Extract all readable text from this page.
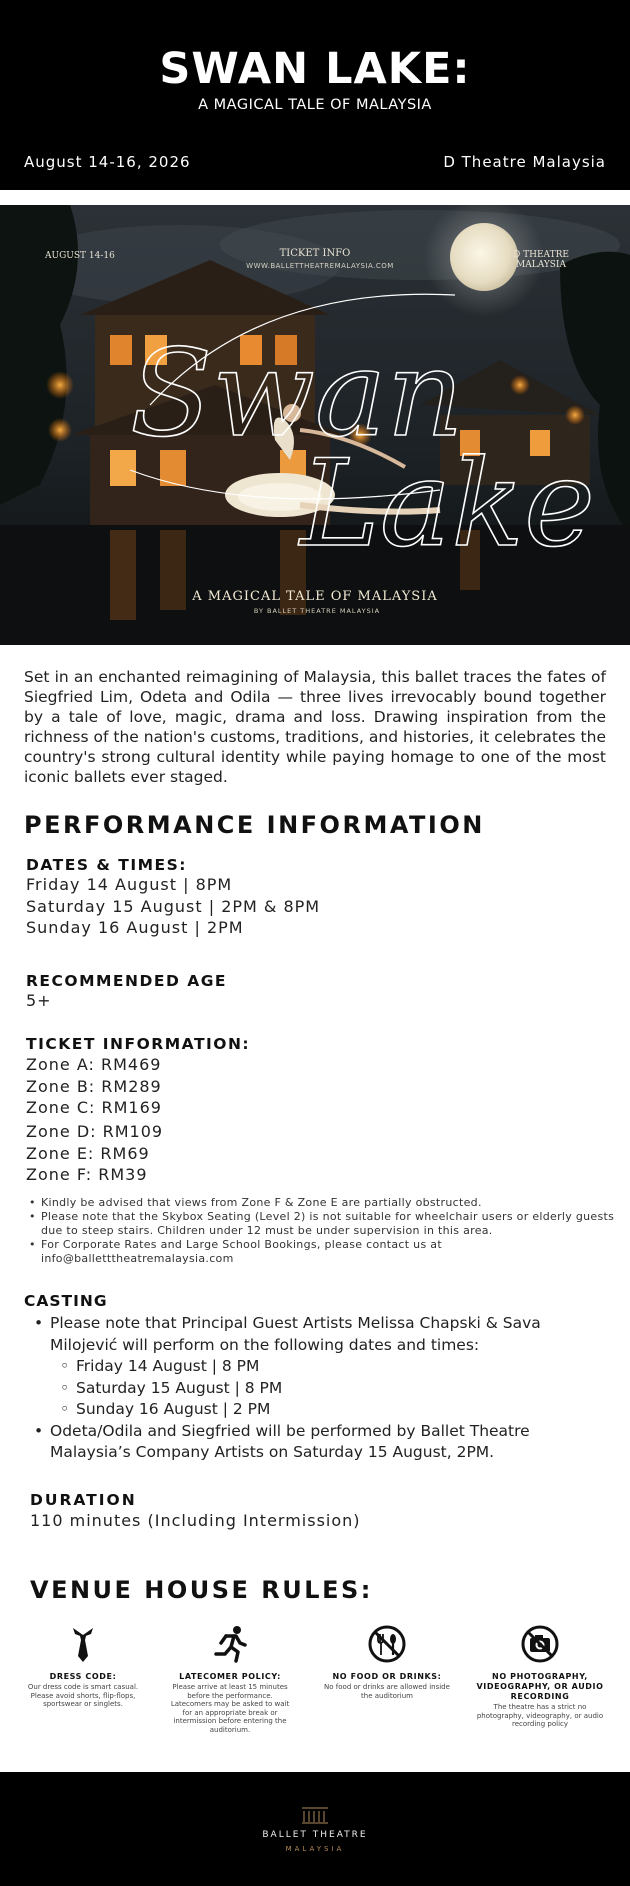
SWAN LAKE:
A MAGICAL TALE OF MALAYSIA
August 14-16, 2026	D Theatre Malaysia
Swan
Lake
AUGUST 14-16	TICKET INFO
WWW.BALLETTHEATREMALAYSIA.COM
D THEATRE
MALAYSIA
A MAGICAL TALE OF MALAYSIA
BY BALLET THEATRE MALAYSIA
Set in an enchanted reimagining of Malaysia, this ballet traces the fates of Siegfried Lim, Odeta and Odila — three lives irrevocably bound together by a tale of love, magic, drama and loss. Drawing inspiration from the richness of the nation's customs, traditions, and histories, it celebrates the country's strong cultural identity while paying homage to one of the most iconic ballets ever staged.
PERFORMANCE INFORMATION
DATES & TIMES:
Friday 14 August | 8PM
Saturday 15 August | 2PM & 8PM
Sunday 16 August | 2PM
RECOMMENDED AGE
5+
TICKET INFORMATION:
Zone A: RM469
Zone B: RM289
Zone C: RM169
Zone D: RM109
Zone E: RM69
Zone F: RM39
• Kindly be advised that views from Zone F & Zone E are partially obstructed.
• Please note that the Skybox Seating (Level 2) is not suitable for wheelchair users or elderly guests due to steep stairs. Children under 12 must be under supervision in this area.
• For Corporate Rates and Large School Bookings, please contact us at info@balletttheatremalaysia.com
CASTING
• Please note that Principal Guest Artists Melissa Chapski & Sava Milojević will perform on the following dates and times:
◦ Friday 14 August | 8 PM
◦ Saturday 15 August | 8 PM
◦ Sunday 16 August | 2 PM
• Odeta/Odila and Siegfried will be performed by Ballet Theatre Malaysia’s Company Artists on Saturday 15 August, 2PM.
DURATION
110 minutes (Including Intermission)
VENUE HOUSE RULES:
DRESS CODE:
Our dress code is smart casual. Please avoid shorts, flip-flops, sportswear or singlets.
LATECOMER POLICY:
Please arrive at least 15 minutes before the performance. Latecomers may be asked to wait for an appropriate break or intermission before entering the auditorium.
NO FOOD OR DRINKS:
No food or drinks are allowed inside the auditorium
NO PHOTOGRAPHY, VIDEOGRAPHY, OR AUDIO RECORDING
The theatre has a strict no photography, videography, or audio recording policy
BALLET THEATRE
MALAYSIA
